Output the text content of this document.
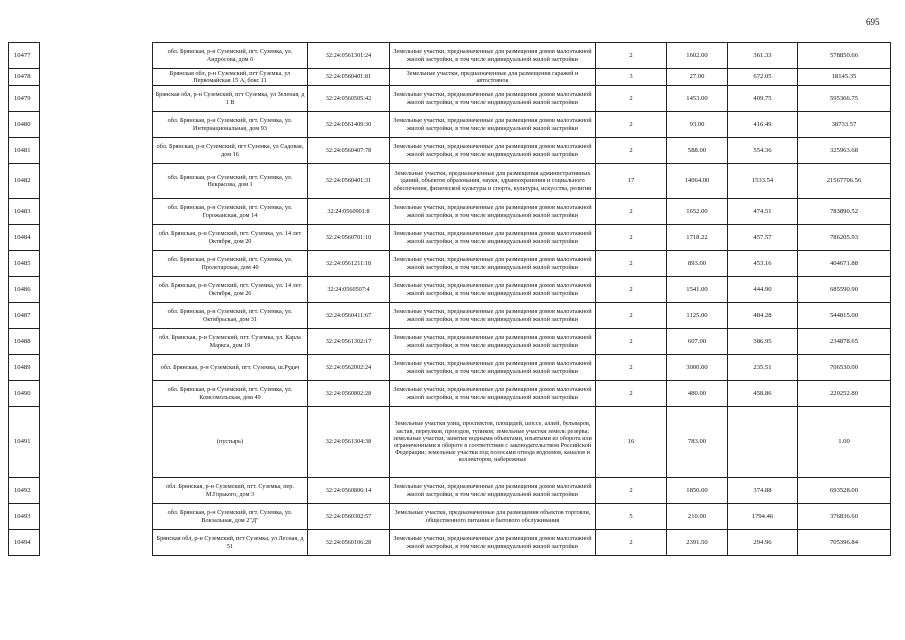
695
10477		обл. Брянская, р-н Суземский, пгт. Суземка, ул. Андросова, дом 6	32:24:0561301:24	Земельные участки, предназначенные для размещения домов малоэтажной жилой застройки, в том числе индивидуальной жилой застройки	2	1602.00	361.33	578850.66
10478		Брянская обл, р-н Суземский, пгт Суземка, ул Первомайская 15 А, бокс 11	32:24:0560401:81	Земельные участки, предназначенные для размещения гаражей и автостоянок	3	27.00	672.05	18145.35
10479		Брянская обл, р-н Суземский, пгт Суземка, ул Зеленая, д 1 В	32:24:0560505:42	Земельные участки, предназначенные для размещения домов малоэтажной жилой застройки, в том числе индивидуальной жилой застройки	2	1453.00	409.75	595366.75
10480		обл. Брянская, р-н Суземский, пгт. Суземка, ул. Интернациональная, дом 93	32:24:0561409:30	Земельные участки, предназначенные для размещения домов малоэтажной жилой застройки, в том числе индивидуальной жилой застройки	2	93.00	416.49	38733.57
10481		обл. Брянская, р-н Суземский, пгт Суземка, ул Садовая, дом 16	32:24:0560407:78	Земельные участки, предназначенные для размещения домов малоэтажной жилой застройки, в том числе индивидуальной жилой застройки	2	588.00	554.36	325963.68
10482		обл. Брянская, р-н Суземский, пгт. Суземка, ул. Некрасова, дом 1	32:24:0560401:31	Земельные участки, предназначенные для размещения административных зданий, объектов образования, науки, здравоохранения и социального обеспечения, физической культуры и спорта, культуры, искусства, религии	17	14064.00	1533.54	21567706.56
10483		обл. Брянская, р-н Суземский, пгт. Суземка, ул. Горожанская, дом 14	32:24:0560901:8	Земельные участки, предназначенные для размещения домов малоэтажной жилой застройки, в том числе индивидуальной жилой застройки	2	1652.00	474.51	783890.52
10484		обл. Брянская, р-н Суземский, пгт. Суземка, ул. 14 лет Октября, дом 20	32:24:0560701:10	Земельные участки, предназначенные для размещения домов малоэтажной жилой застройки, в том числе индивидуальной жилой застройки	2	1718.22	457.57	786205.93
10485		обл. Брянская, р-н Суземский, пгт. Суземка, ул. Пролетарская, дом 40	32:24:0561211:18	Земельные участки, предназначенные для размещения домов малоэтажной жилой застройки, в том числе индивидуальной жилой застройки	2	893.00	453.16	404671.88
10486		обл. Брянская, р-н Суземский, пгт. Суземка, ул. 14 лет Октября, дом 26	32:24:0560507:4	Земельные участки, предназначенные для размещения домов малоэтажной жилой застройки, в том числе индивидуальной жилой застройки	2	1541.00	444.90	685590.90
10487		обл. Брянская, р-н Суземский, пгт. Суземка, ул. Октябрьская, дом 31	32:24:0560411:67	Земельные участки, предназначенные для размещения домов малоэтажной жилой застройки, в том числе индивидуальной жилой застройки	2	1125.00	484.28	544815.00
10488		обл. Брянская, р-н Суземский, пгт. Суземка, ул. Карла Маркса, дом 19	32:24:0561302:17	Земельные участки, предназначенные для размещения домов малоэтажной жилой застройки, в том числе индивидуальной жилой застройки	2	607.00	386.95	234878.65
10489		обл. Брянская, р-н Суземский, пгт. Суземка, ш.Рудач	32:24:0562002:24	Земельные участки, предназначенные для размещения домов малоэтажной жилой застройки, в том числе индивидуальной жилой застройки	2	3000.00	235.51	706530.00
10490		обл. Брянская, р-н Суземский, пгт. Суземка, ул. Комсомольская, дом 49	32:24:0560802:28	Земельные участки, предназначенные для размещения домов малоэтажной жилой застройки, в том числе индивидуальной жилой застройки	2	480.00	458.86	220252.80
10491		(пустырь)	32:24:0561304:38	Земельные участки улиц, проспектов, площадей, шоссе, аллей, бульваров, застав, переулков, проездов, тупиков; земельные участки земель резерва; земельные участки, занятые водными объектами, изъятыми из оборота или ограниченными в обороте в соответствии с законодательством Российской Федерации; земельные участки под полосами отвода водоемов, каналов и коллекторов, набережные	16	783.00		1.00
10492		обл. Брянская, р-н Суземский, пгт. Суземка, пер. М.Горького, дом 3	32:24:0560806:14	Земельные участки, предназначенные для размещения домов малоэтажной жилой застройки, в том числе индивидуальной жилой застройки	2	1850.00	374.88	693528.00
10493		обл. Брянская, р-н Суземский, пгт. Суземка, ул. Вокзальная, дом 2"Д"	32:24:0560302:57	Земельные участки, предназначенные для размещения объектов торговли, общественного питания и бытового обслуживания	5	210.00	1794.46	376836.60
10494		Брянская обл, р-н Суземский, пгт Суземка, ул Лесная, д 51	32:24:0560106:28	Земельные участки, предназначенные для размещения домов малоэтажной жилой застройки, в том числе индивидуальной жилой застройки	2	2391.50	294.96	705396.84
